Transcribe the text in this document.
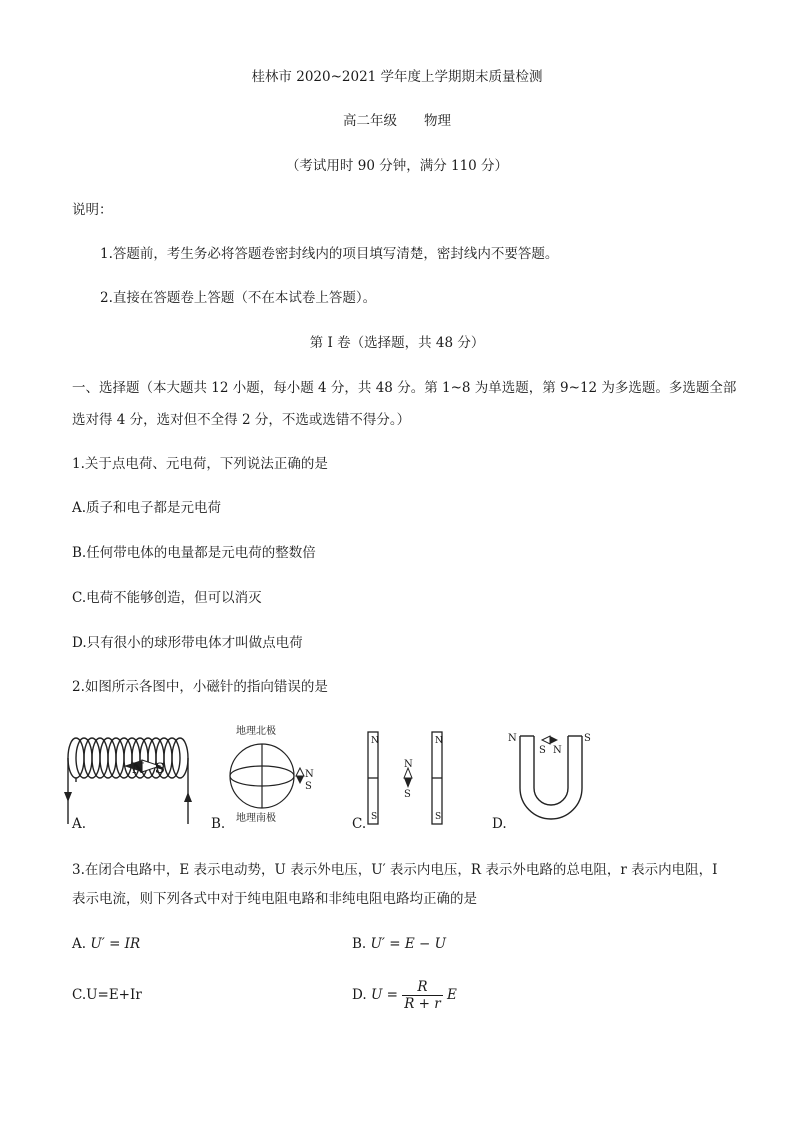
桂林市 2020~2021 学年度上学期期末质量检测
高二年级　　物理
（考试用时 90 分钟，满分 110 分）
说明：
1.答题前，考生务必将答题卷密封线内的项目填写清楚，密封线内不要答题。
2.直接在答题卷上答题（不在本试卷上答题）。
第 I 卷（选择题，共 48 分）
一、选择题（本大题共 12 小题，每小题 4 分，共 48 分。第 1~8 为单选题，第 9~12 为多选题。多选题全部
选对得 4 分，选对但不全得 2 分，不选或选错不得分。）
1.关于点电荷、元电荷，下列说法正确的是
A.质子和电子都是元电荷
B.任何带电体的电量都是元电荷的整数倍
C.电荷不能够创造，但可以消灭
D.只有很小的球形带电体才叫做点电荷
2.如图所示各图中，小磁针的指向错误的是
N S
A.
地理北极
地理南极
N
S
B.
N
S
N
S
N
S
C.
N	S
S N
D.
3.在闭合电路中，E 表示电动势，U 表示外电压，U′ 表示内电压，R 表示外电路的总电阻，r 表示内电阻，I
表示电流，则下列各式中对于纯电阻电路和非纯电阻电路均正确的是
A. U′ = IR	B. U′ = E − U
C.U=E+Ir	D. $U = \frac{R}{R + r}$ E
